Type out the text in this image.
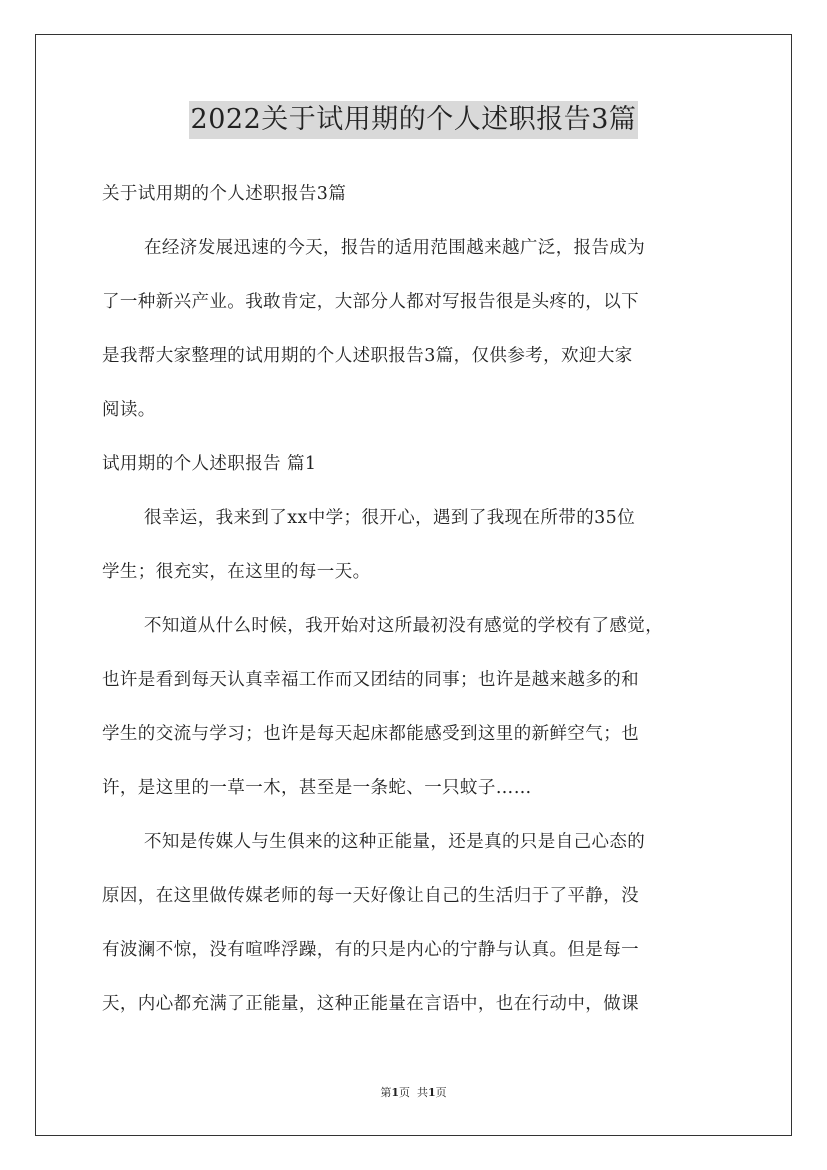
2022关于试用期的个人述职报告3篇
关于试用期的个人述职报告3篇
在经济发展迅速的今天，报告的适用范围越来越广泛，报告成为
了一种新兴产业。我敢肯定，大部分人都对写报告很是头疼的，以下
是我帮大家整理的试用期的个人述职报告3篇，仅供参考，欢迎大家
阅读。
试用期的个人述职报告 篇1
很幸运，我来到了xx中学；很开心，遇到了我现在所带的35位
学生；很充实，在这里的每一天。
不知道从什么时候，我开始对这所最初没有感觉的学校有了感觉，
也许是看到每天认真幸福工作而又团结的同事；也许是越来越多的和
学生的交流与学习；也许是每天起床都能感受到这里的新鲜空气；也
许，是这里的一草一木，甚至是一条蛇、一只蚊子……
不知是传媒人与生俱来的这种正能量，还是真的只是自己心态的
原因，在这里做传媒老师的每一天好像让自己的生活归于了平静，没
有波澜不惊，没有喧哗浮躁，有的只是内心的宁静与认真。但是每一
天，内心都充满了正能量，这种正能量在言语中，也在行动中，做课
第1页 共1页
